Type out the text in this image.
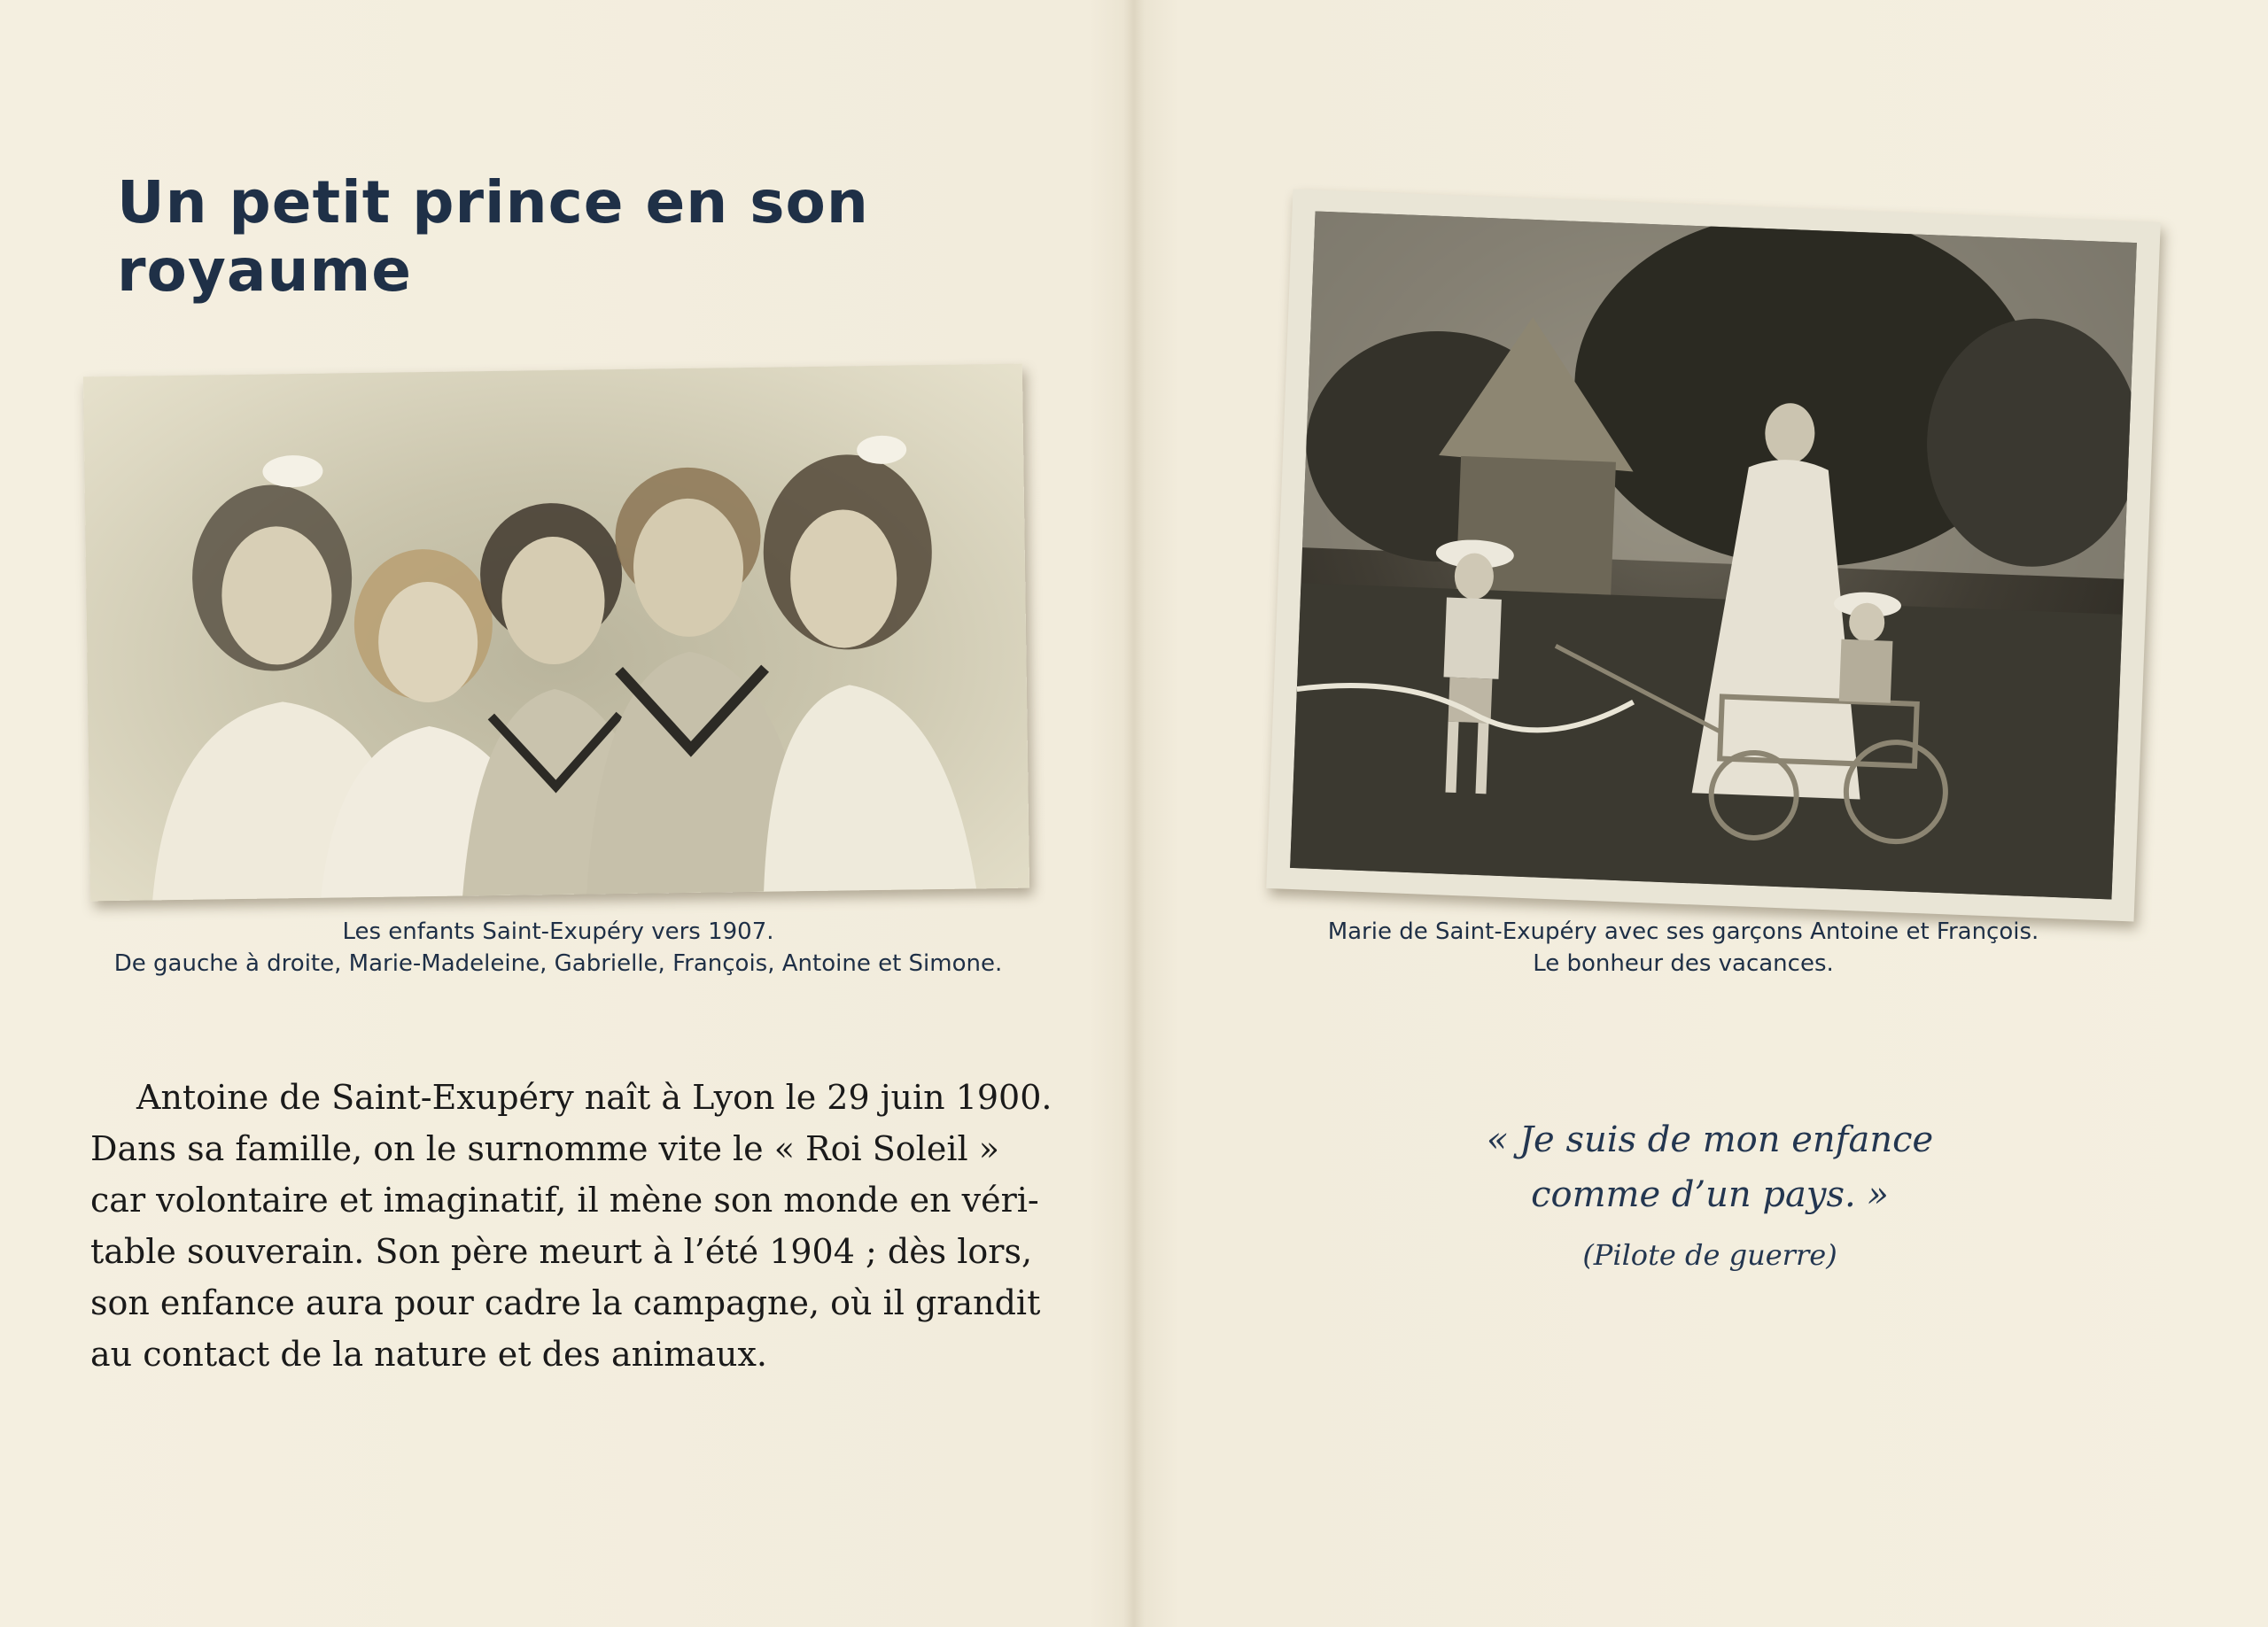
Un petit prince en son royaume

Les enfants Saint-Exupéry vers 1907.
De gauche à droite, Marie-Madeleine, Gabrielle, François, Antoine et Simone.

Marie de Saint-Exupéry avec ses garçons Antoine et François.
Le bonheur des vacances.

Antoine de Saint-Exupéry naît à Lyon le 29 juin 1900.
Dans sa famille, on le surnomme vite le « Roi Soleil »
car volontaire et imaginatif, il mène son monde en véri-
table souverain. Son père meurt à l’été 1904 ; dès lors,
son enfance aura pour cadre la campagne, où il grandit
au contact de la nature et des animaux.

« Je suis de mon enfance
comme d’un pays. »

(Pilote de guerre)
